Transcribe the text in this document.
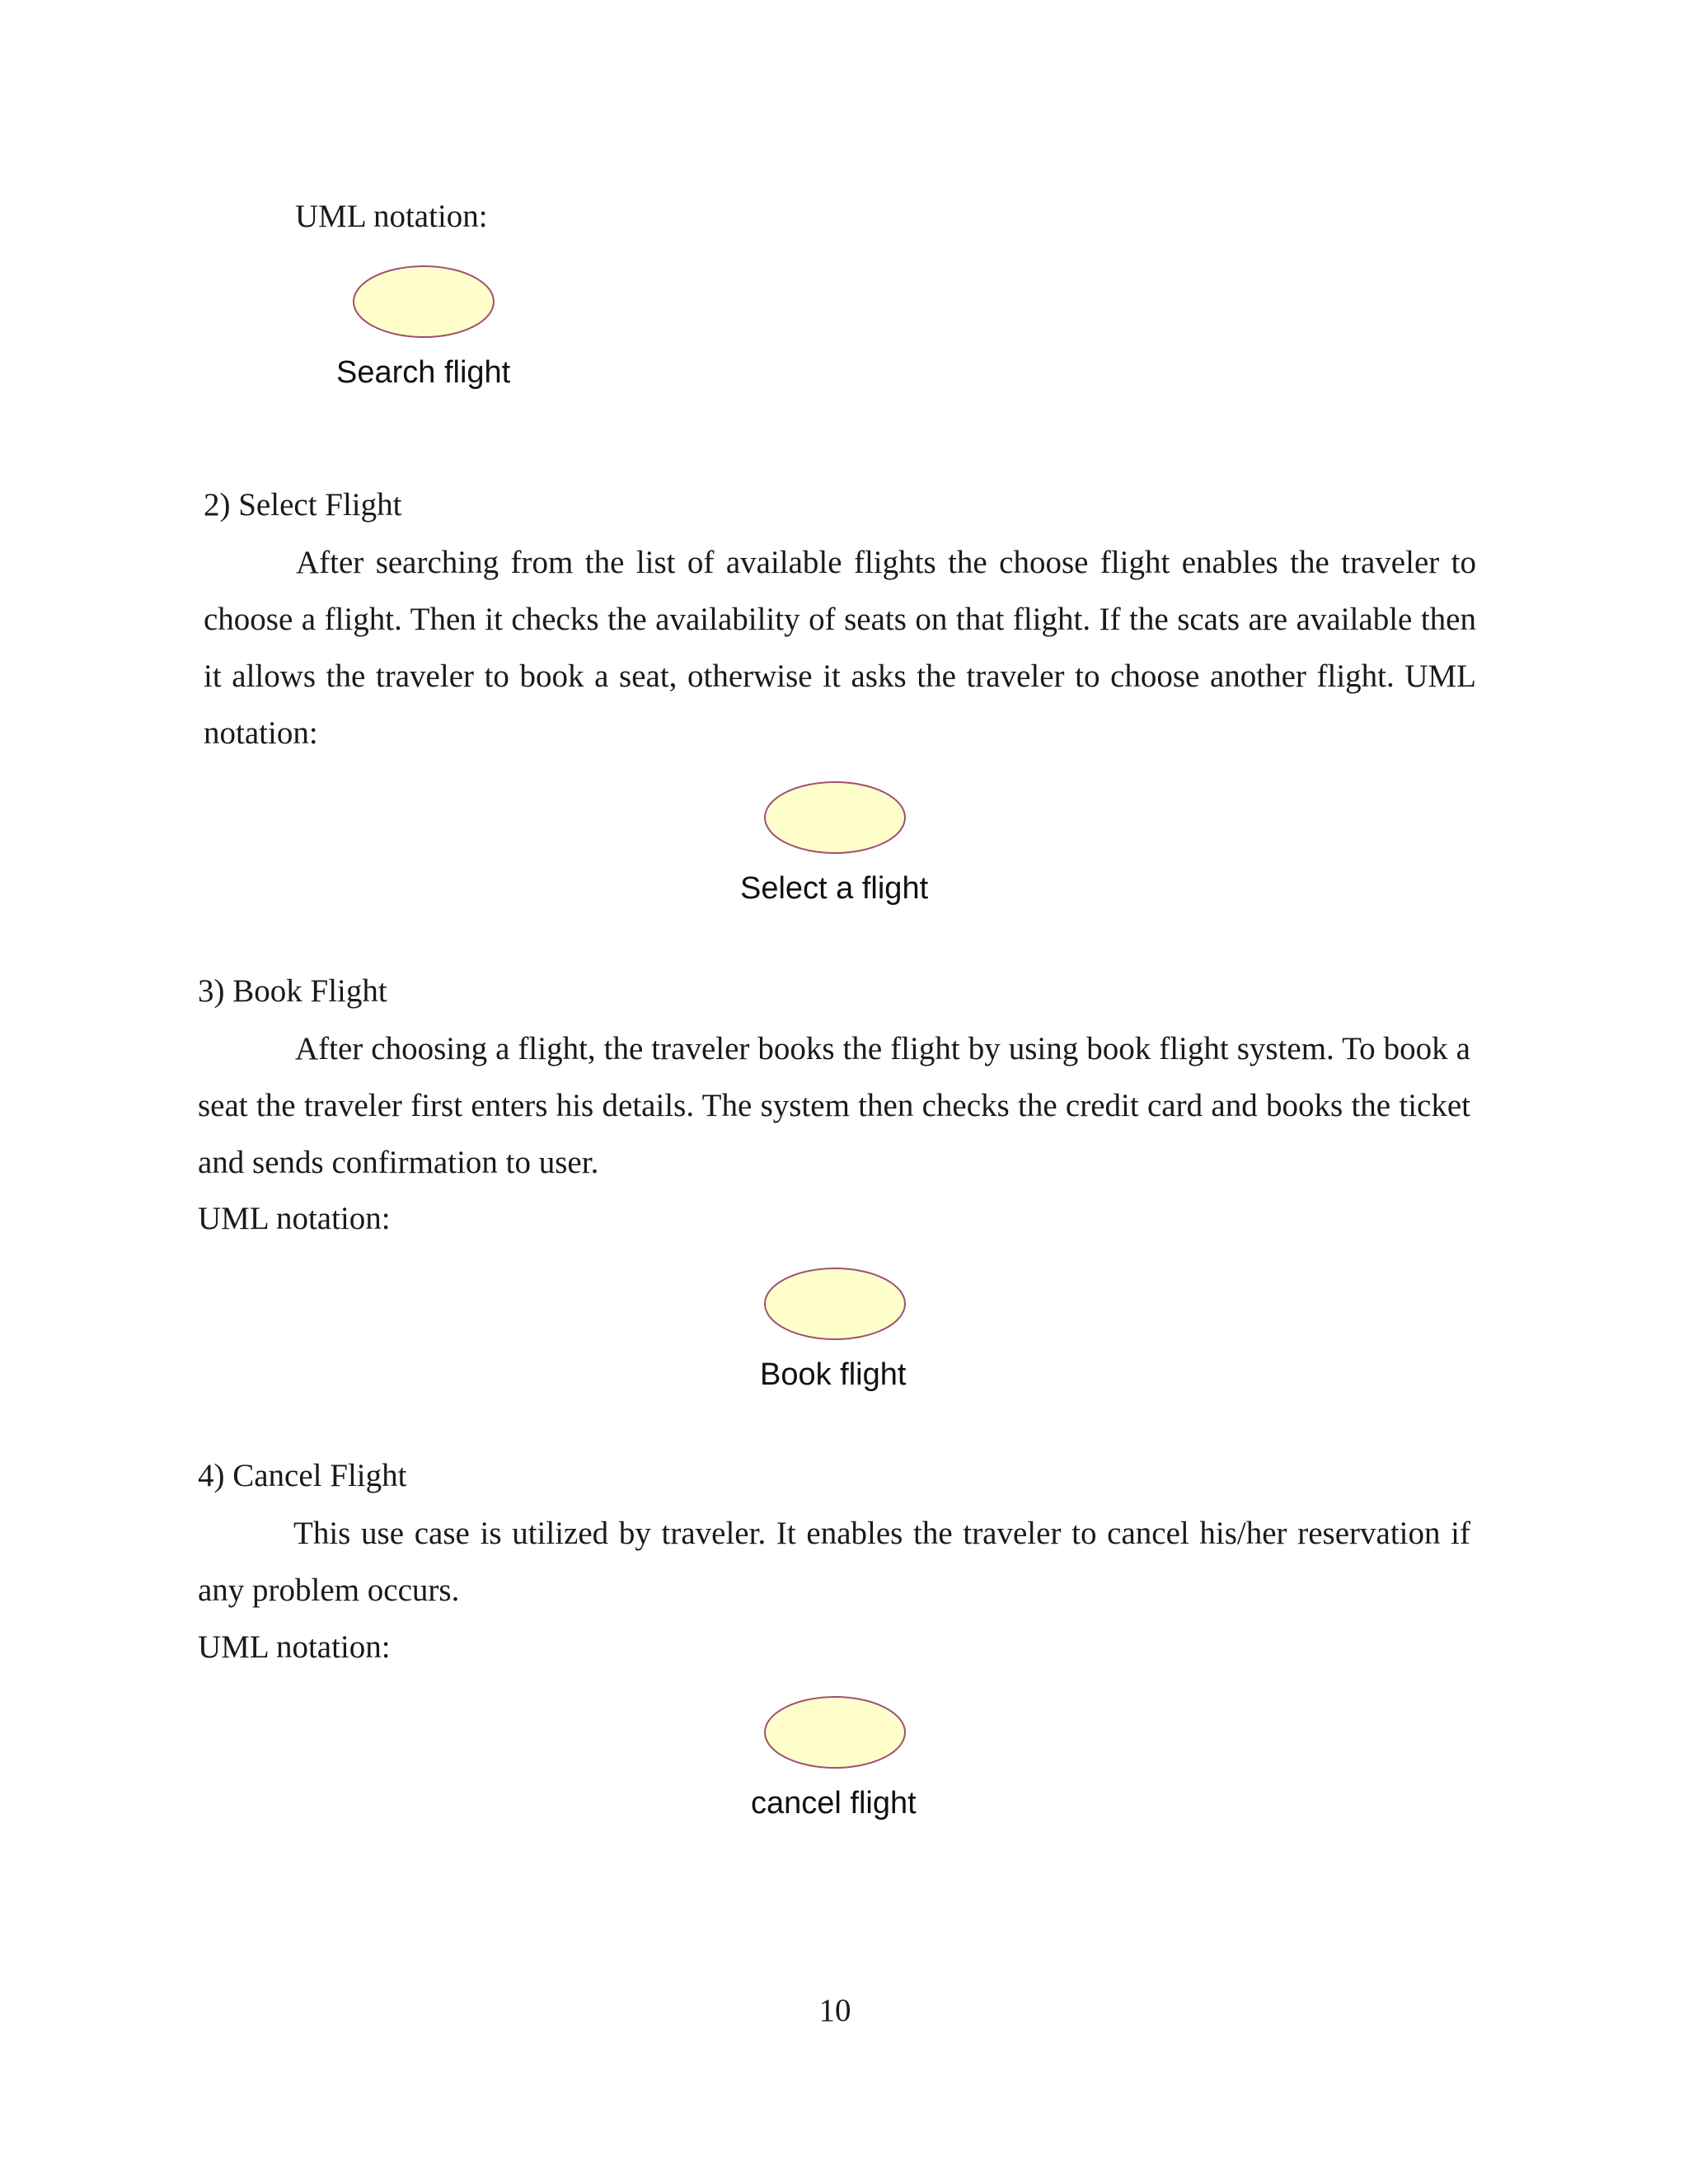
UML notation:
Search flight
2) Select Flight
After searching from the list of available flights the choose flight enables the traveler to choose a flight. Then it checks the availability of seats on that flight. If the scats are available then it allows the traveler to book a seat, otherwise it asks the traveler to choose another flight. UML notation:
Select a flight
3) Book Flight
After choosing a flight, the traveler books the flight by using book flight system. To book a seat the traveler first enters his details. The system then checks the credit card and books the ticket and sends confirmation to user.
UML notation:
Book flight
4) Cancel Flight
This use case is utilized by traveler. It enables the traveler to cancel his/her reservation if any problem occurs.
UML notation:
cancel flight
10
